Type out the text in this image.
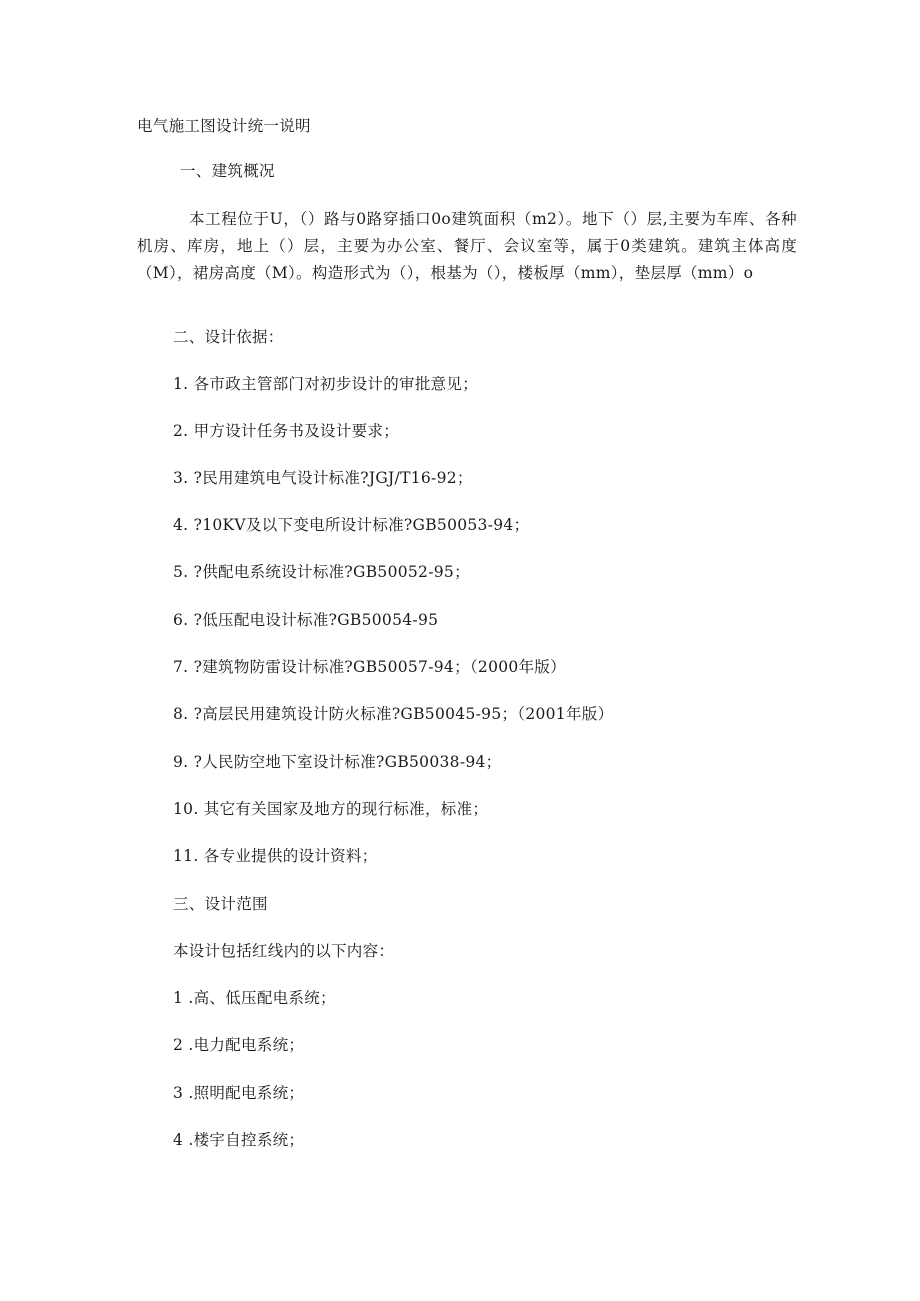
电气施工图设计统一说明
一、建筑概况
本工程位于U，（）路与0路穿插口0o建筑面积（m2）。地下（）层,主要为车库、各种机房、库房，地上（）层，主要为办公室、餐厅、会议室等，属于0类建筑。建筑主体高度（M），裙房高度（M）。构造形式为（），根基为（），楼板厚（mm），垫层厚（mm）o
二、设计依据：
1. 各市政主管部门对初步设计的审批意见；
2. 甲方设计任务书及设计要求；
3. ?民用建筑电气设计标准?JGJ/T16-92；
4. ?10KV及以下变电所设计标准?GB50053-94；
5. ?供配电系统设计标准?GB50052-95；
6. ?低压配电设计标准?GB50054-95
7. ?建筑物防雷设计标准?GB50057-94；（2000年版）
8. ?高层民用建筑设计防火标准?GB50045-95；（2001年版）
9. ?人民防空地下室设计标准?GB50038-94；
10. 其它有关国家及地方的现行标准，标准；
11. 各专业提供的设计资料；
三、设计范围
本设计包括红线内的以下内容：
1 .高、低压配电系统；
2 .电力配电系统；
3 .照明配电系统；
4 .楼宇自控系统；
